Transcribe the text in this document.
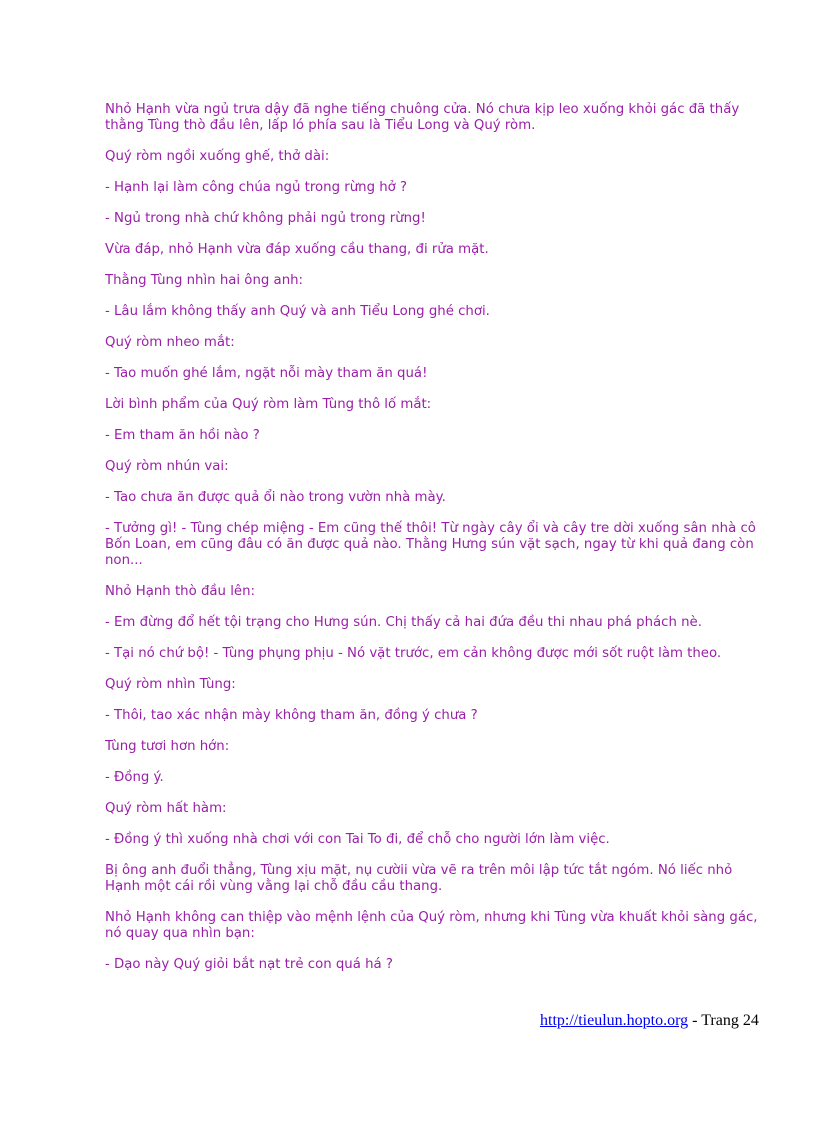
Nhỏ Hạnh vừa ngủ trưa dậy đã nghe tiếng chuông cửa. Nó chưa kịp leo xuống khỏi gác đã thấy thằng Tùng thò đầu lên, lấp ló phía sau là Tiểu Long và Quý ròm.

Quý ròm ngồi xuống ghế, thở dài:

- Hạnh lại làm công chúa ngủ trong rừng hở ?

- Ngủ trong nhà chứ không phải ngủ trong rừng!

Vừa đáp, nhỏ Hạnh vừa đáp xuống cầu thang, đi rửa mặt.

Thằng Tùng nhìn hai ông anh:

- Lâu lắm không thấy anh Quý và anh Tiểu Long ghé chơi.

Quý ròm nheo mắt:

- Tao muốn ghé lắm, ngặt nỗi mày tham ăn quá!

Lời bình phẩm của Quý ròm làm Tùng thô lố mắt:

- Em tham ăn hồi nào ?

Quý ròm nhún vai:

- Tao chưa ăn được quả ổi nào trong vườn nhà mày.

- Tưởng gì! - Tùng chép miệng - Em cũng thế thôi! Từ ngày cây ổi và cây tre dời xuống sân nhà cô Bốn Loan, em cũng đâu có ăn được quả nào. Thằng Hưng sún vặt sạch, ngay từ khi quả đang còn non...

Nhỏ Hạnh thò đầu lên:

- Em đừng đổ hết tội trạng cho Hưng sún. Chị thấy cả hai đứa đều thi nhau phá phách nè.

- Tại nó chứ bộ! - Tùng phụng phịu - Nó vặt trước, em cản không được mới sốt ruột làm theo.

Quý ròm nhìn Tùng:

- Thôi, tao xác nhận mày không tham ăn, đồng ý chưa ?

Tùng tươi hơn hớn:

- Đồng ý.

Quý ròm hất hàm:

- Đồng ý thì xuống nhà chơi với con Tai To đi, để chỗ cho người lớn làm việc.

Bị ông anh đuổi thẳng, Tùng xịu mặt, nụ cườii vừa vẽ ra trên môi lập tức tắt ngóm. Nó liếc nhỏ Hạnh một cái rồi vùng vằng lại chỗ đầu cầu thang.

Nhỏ Hạnh không can thiệp vào mệnh lệnh của Quý ròm, nhưng khi Tùng vừa khuất khỏi sàng gác, nó quay qua nhìn bạn:

- Dạo này Quý giỏi bắt nạt trẻ con quá há ?

http://tieulun.hopto.org - Trang 24
